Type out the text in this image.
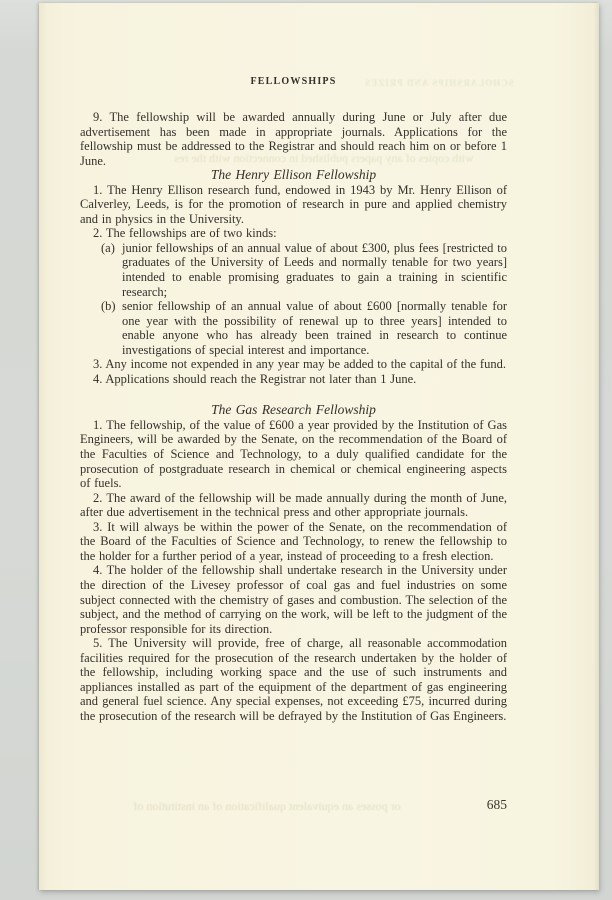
SCHOLARSHIPS AND PRIZES
with copies of any papers published in connection with the res
or posses an equivalent qualification of an institution of
FELLOWSHIPS

9. The fellowship will be awarded annually during June or July after due advertisement has been made in appropriate journals. Applications for the fellowship must be addressed to the Registrar and should reach him on or before 1 June.

The Henry Ellison Fellowship

1. The Henry Ellison research fund, endowed in 1943 by Mr. Henry Ellison of Calverley, Leeds, is for the promotion of research in pure and applied chemistry and in physics in the University.

2. The fellowships are of two kinds:

(a) junior fellowships of an annual value of about £300, plus fees [restricted to graduates of the University of Leeds and normally tenable for two years] intended to enable promising graduates to gain a training in scientific research;
(b) senior fellowship of an annual value of about £600 [normally tenable for one year with the possibility of renewal up to three years] intended to enable anyone who has already been trained in research to continue investigations of special interest and importance.

3. Any income not expended in any year may be added to the capital of the fund.

4. Applications should reach the Registrar not later than 1 June.

The Gas Research Fellowship

1. The fellowship, of the value of £600 a year provided by the Institution of Gas Engineers, will be awarded by the Senate, on the recommendation of the Board of the Faculties of Science and Technology, to a duly qualified candidate for the prosecution of postgraduate research in chemical or chemical engineering aspects of fuels.

2. The award of the fellowship will be made annually during the month of June, after due advertisement in the technical press and other appropriate journals.

3. It will always be within the power of the Senate, on the recommendation of the Board of the Faculties of Science and Technology, to renew the fellowship to the holder for a further period of a year, instead of proceeding to a fresh election.

4. The holder of the fellowship shall undertake research in the University under the direction of the Livesey professor of coal gas and fuel industries on some subject connected with the chemistry of gases and combustion. The selection of the subject, and the method of carrying on the work, will be left to the judgment of the professor responsible for its direction.

5. The University will provide, free of charge, all reasonable accommodation facilities required for the prosecution of the research undertaken by the holder of the fellowship, including working space and the use of such instruments and appliances installed as part of the equipment of the department of gas engineering and general fuel science. Any special expenses, not exceeding £75, incurred during the prosecution of the research will be defrayed by the Institution of Gas Engineers.

685
